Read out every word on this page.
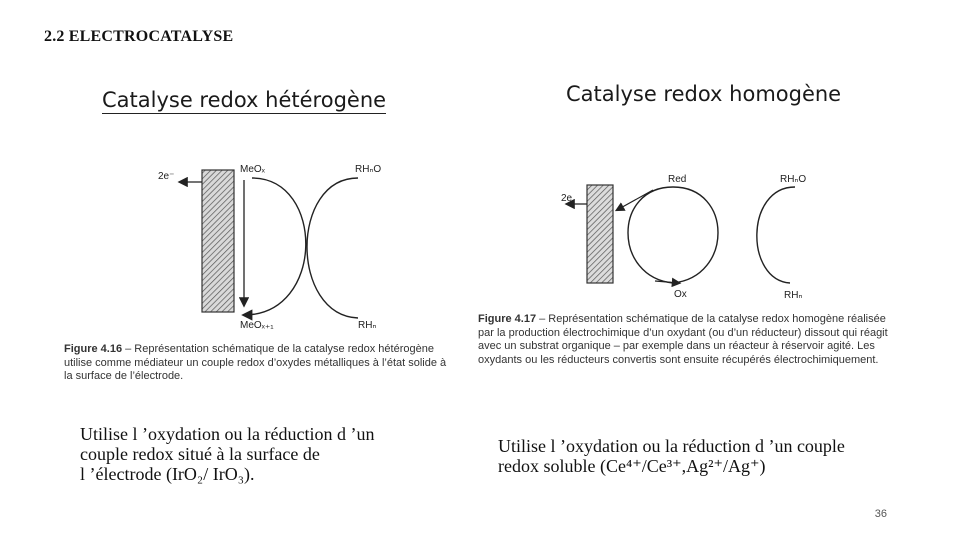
2.2 ELECTROCATALYSE
Catalyse redox hétérogène
2e⁻
MeOₓ
MeOₓ₊₁
RHₙO
RHₙ
Figure 4.16 – Représentation schématique de la catalyse redox hétérogène utilise comme médiateur un couple redox d’oxydes métalliques à l’état solide à la surface de l’électrode.
Utilise l ’oxydation ou la réduction d ’un
couple redox situé à la surface de
l ’électrode (IrO₂/ IrO₃).
Catalyse redox homogène
2e
Red
Ox
RHₙO
RHₙ
Figure 4.17 – Représentation schématique de la catalyse redox homogène réalisée par la production électrochimique d’un oxydant (ou d’un réducteur) dissout qui réagit avec un substrat organique – par exemple dans un réacteur à réservoir agité. Les oxydants ou les réducteurs convertis sont ensuite récupérés électrochimiquement.
Utilise l ’oxydation ou la réduction d ’un couple
redox soluble (Ce⁴⁺/Ce³⁺,Ag²⁺/Ag⁺)
36
